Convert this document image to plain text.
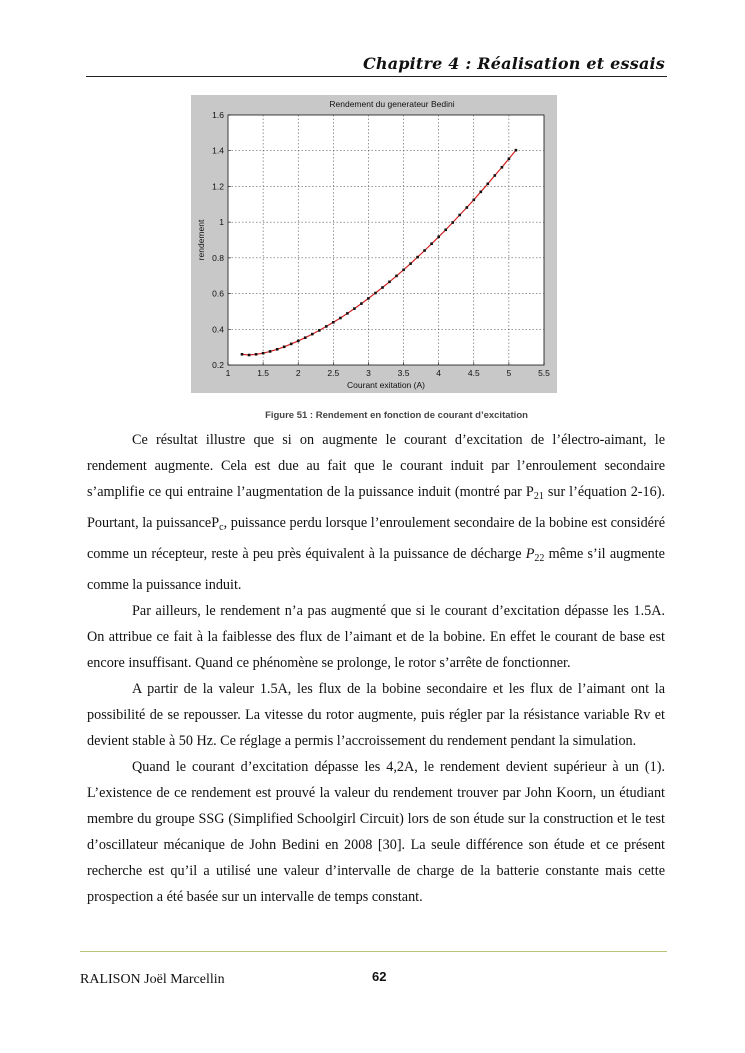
Chapitre 4 : Réalisation et essais
Rendement du generateur Bedini
1	1.5	2	2.5	3	3.5	4	4.5	5	5.5
0.2
0.4
0.6
0.8
1
1.2
1.4
1.6
Courant exitation (A)
rendement
Figure 51 : Rendement en fonction de courant d’excitation

Ce résultat illustre que si on augmente le courant d’excitation de l’électro-aimant, le rendement augmente. Cela est due au fait que le courant induit par l’enroulement secondaire s’amplifie ce qui entraine l’augmentation de la puissance induit (montré par $P_{21}$ sur l’équation 2-16). Pourtant, la puissanceP$_c$, puissance perdu lorsque l’enroulement secondaire de la bobine est considéré comme un récepteur, reste à peu près équivalent à la puissance de décharge $P_{22}$ même s’il augmente comme la puissance induit.

Par ailleurs, le rendement n’a pas augmenté que si le courant d’excitation dépasse les 1.5A. On attribue ce fait à la faiblesse des flux de l’aimant et de la bobine. En effet le courant de base est encore insuffisant. Quand ce phénomène se prolonge, le rotor s’arrête de fonctionner.

A partir de la valeur 1.5A, les flux de la bobine secondaire et les flux de l’aimant ont la possibilité de se repousser. La vitesse du rotor augmente, puis régler par la résistance variable Rv et devient stable à 50 Hz. Ce réglage a permis l’accroissement du rendement pendant la simulation.

Quand le courant d’excitation dépasse les 4,2A, le rendement devient supérieur à un (1). L’existence de ce rendement est prouvé la valeur du rendement trouver par John Koorn, un étudiant membre du groupe SSG (Simplified Schoolgirl Circuit) lors de son étude sur la construction et le test d’oscillateur mécanique de John Bedini en 2008 [30]. La seule différence son étude et ce présent recherche est qu’il a utilisé une valeur d’intervalle de charge de la batterie constante mais cette prospection a été basée sur un intervalle de temps constant.

RALISON Joël Marcellin	62
